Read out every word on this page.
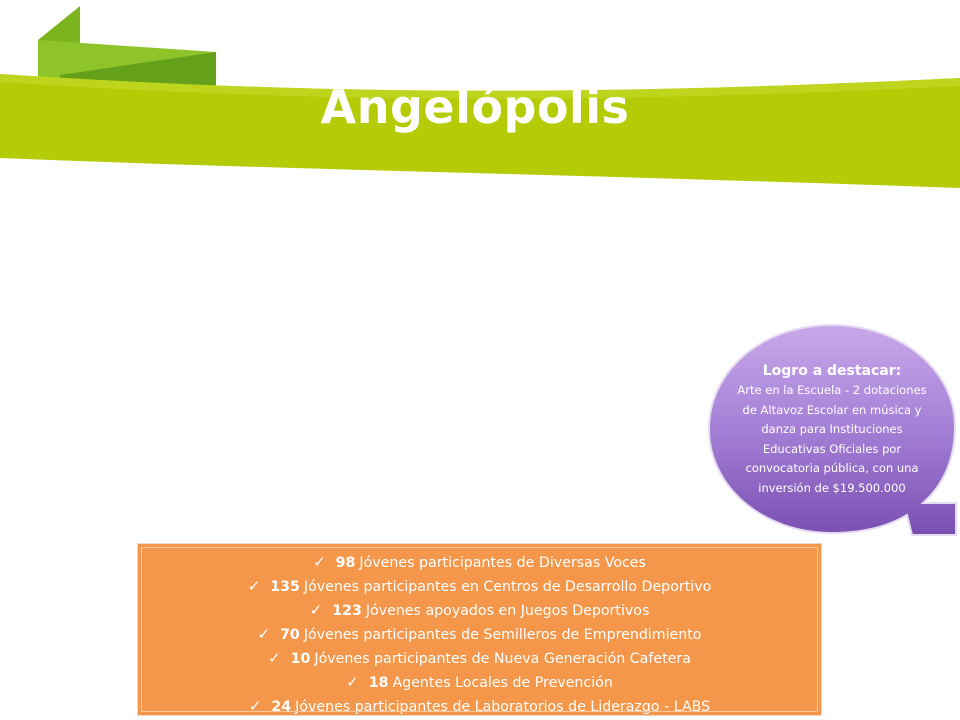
Angelópolis
Logro a destacar:
Arte en la Escuela - 2 dotaciones de Altavoz Escolar en música y danza para Instituciones Educativas Oficiales por convocatoria pública, con una inversión de $19.500.000
✓ 98 Jóvenes participantes de Diversas Voces
✓ 135 Jóvenes participantes en Centros de Desarrollo Deportivo
✓ 123 Jóvenes apoyados en Juegos Deportivos
✓ 70 Jóvenes participantes de Semilleros de Emprendimiento
✓ 10 Jóvenes participantes de Nueva Generación Cafetera
✓ 18 Agentes Locales de Prevención
✓ 24 Jóvenes participantes de Laboratorios de Liderazgo - LABS
